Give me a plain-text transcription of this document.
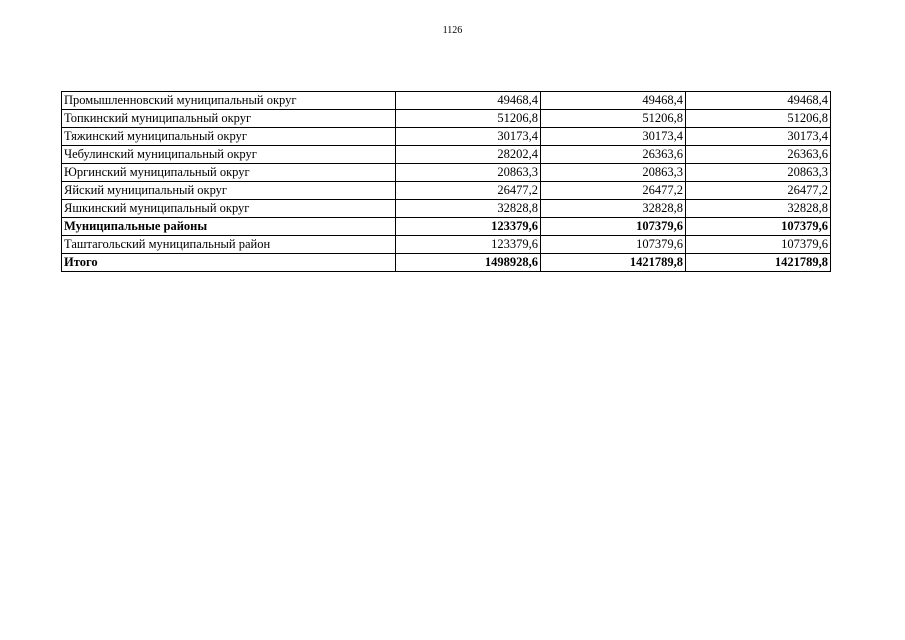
1126
Промышленновский муниципальный округ	49468,4	49468,4	49468,4
Топкинский муниципальный округ	51206,8	51206,8	51206,8
Тяжинский муниципальный округ	30173,4	30173,4	30173,4
Чебулинский муниципальный округ	28202,4	26363,6	26363,6
Юргинский муниципальный округ	20863,3	20863,3	20863,3
Яйский муниципальный округ	26477,2	26477,2	26477,2
Яшкинский муниципальный округ	32828,8	32828,8	32828,8
Муниципальные районы	123379,6	107379,6	107379,6
Таштагольский муниципальный район	123379,6	107379,6	107379,6
Итого	1498928,6	1421789,8	1421789,8
